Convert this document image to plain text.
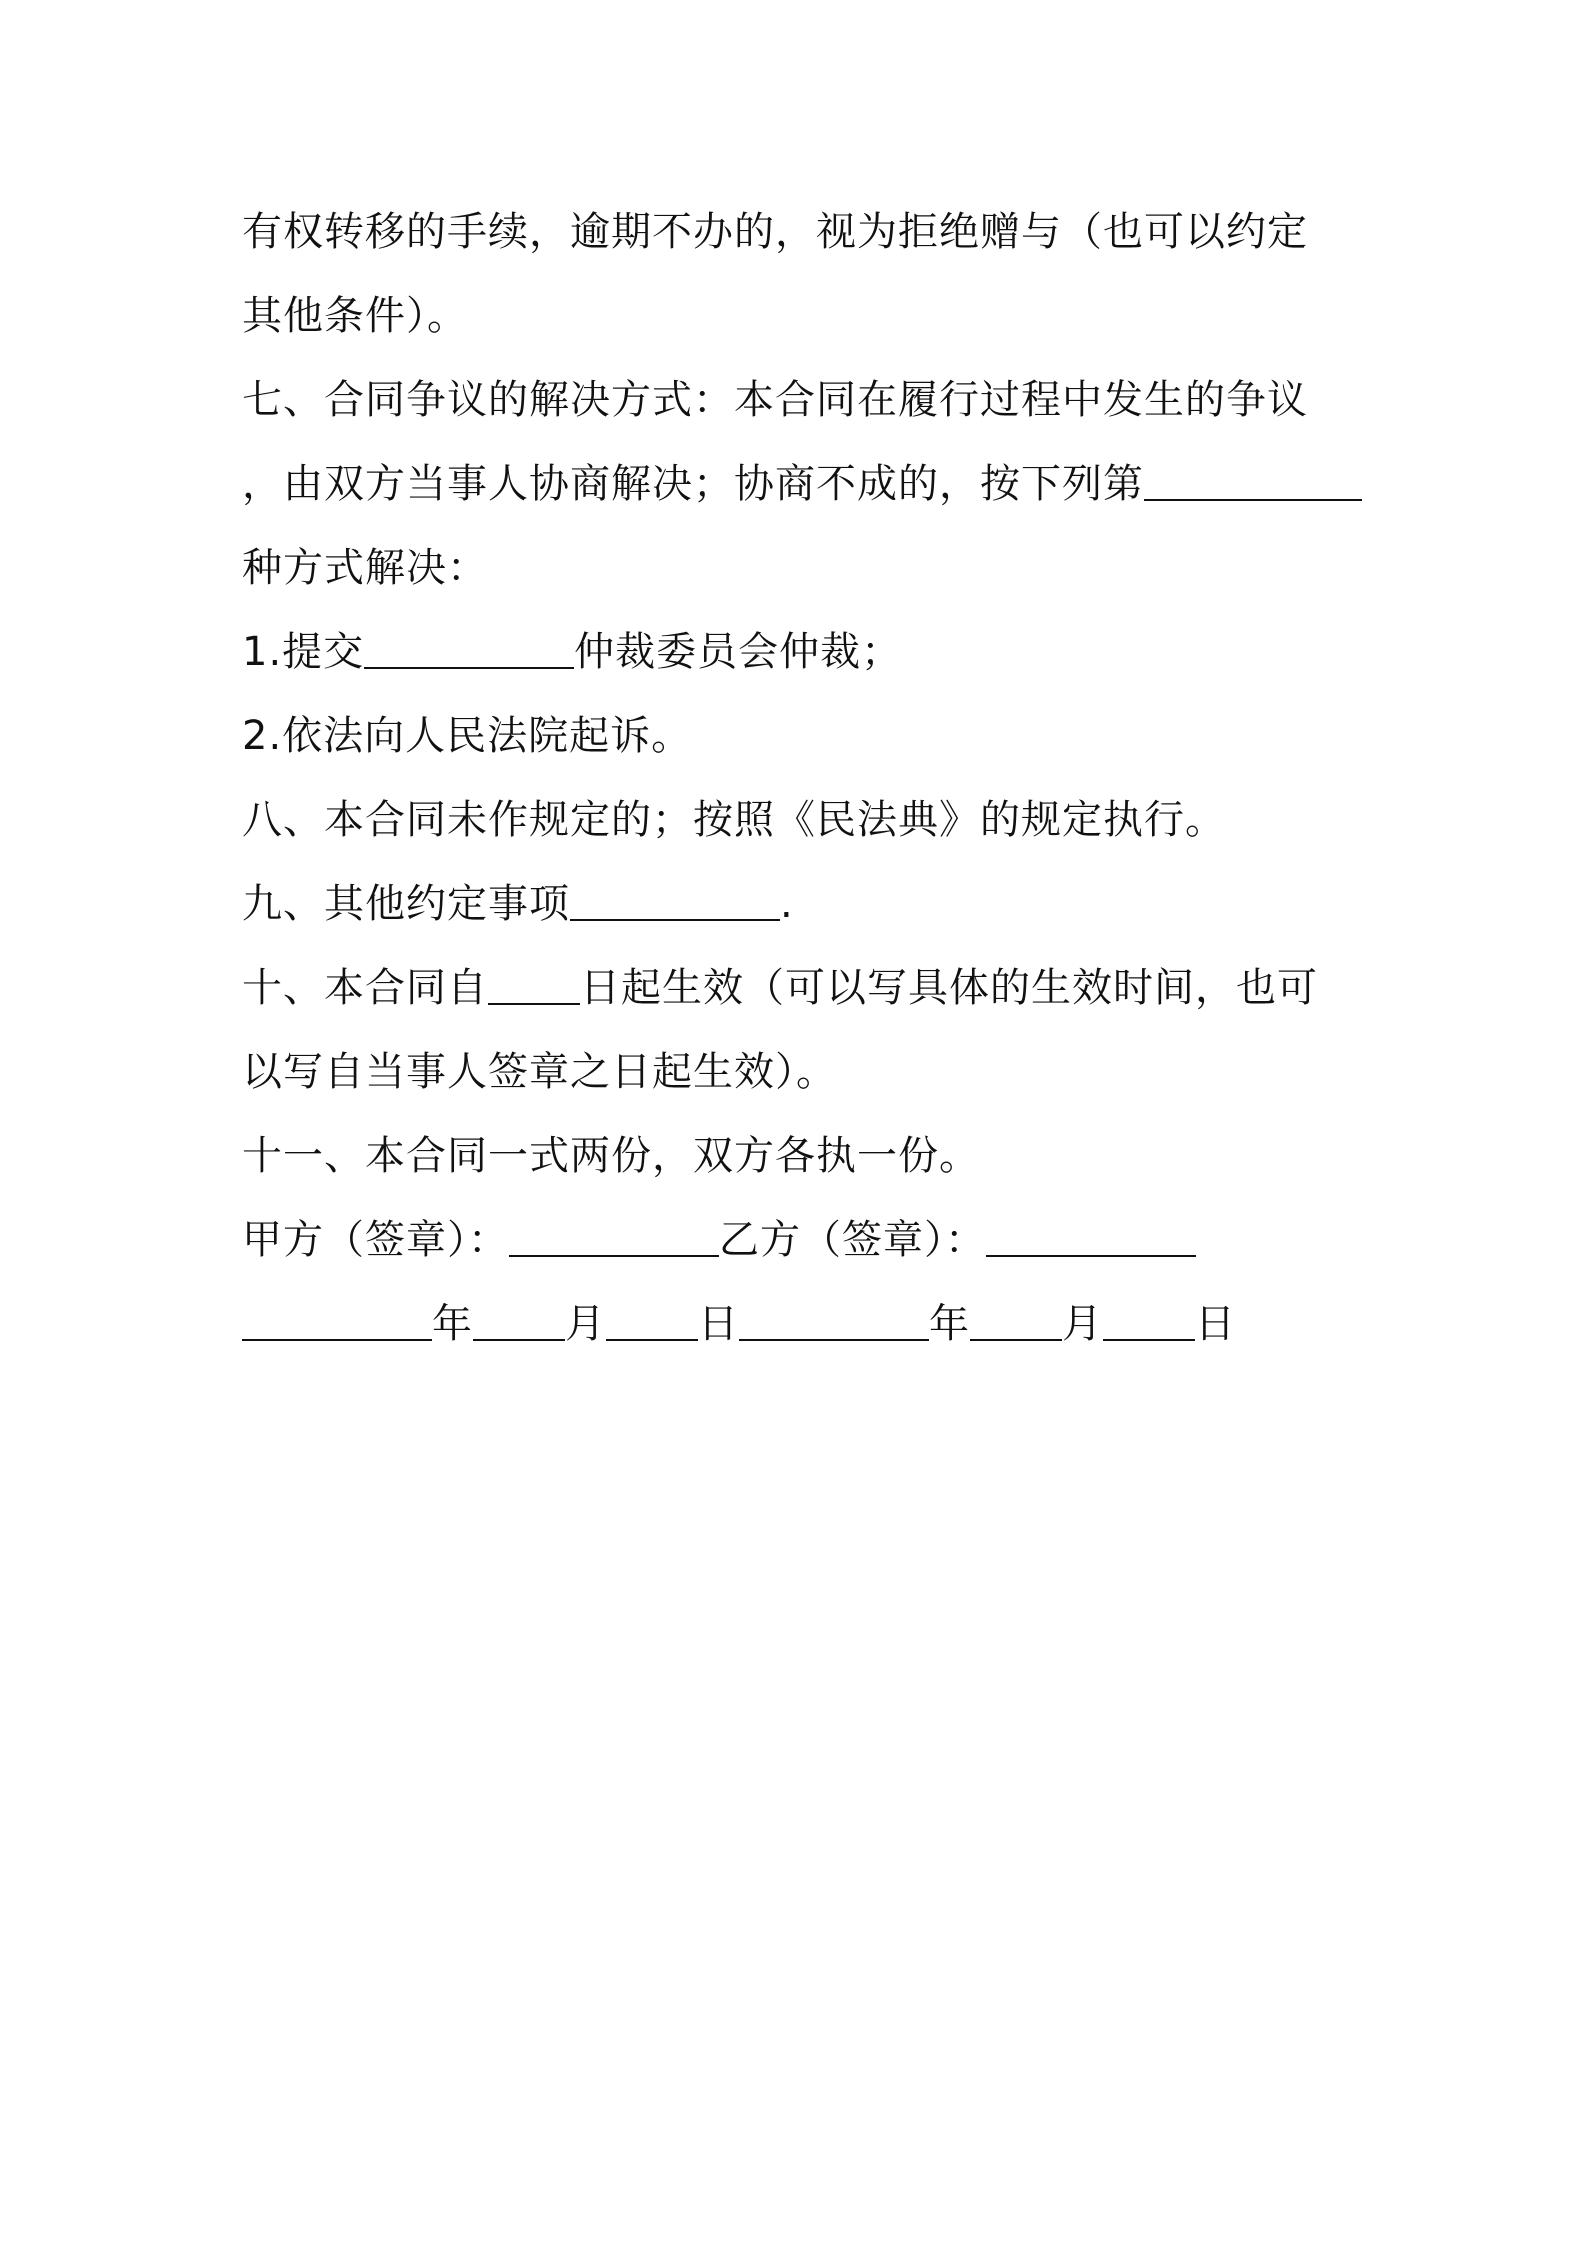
有权转移的手续，逾期不办的，视为拒绝赠与（也可以约定
其他条件）。
七、合同争议的解决方式：本合同在履行过程中发生的争议
，由双方当事人协商解决；协商不成的，按下列第
种方式解决：
1.提交	仲裁委员会仲裁；
2.依法向人民法院起诉。
八、本合同未作规定的；按照《民法典》的规定执行。
九、其他约定事项	.
十、本合同自 日起生效（可以写具体的生效时间，也可
以写自当事人签章之日起生效）。
十一、本合同一式两份，双方各执一份。
甲方（签章）：	乙方（签章）：
年 月 日	年 月 日
